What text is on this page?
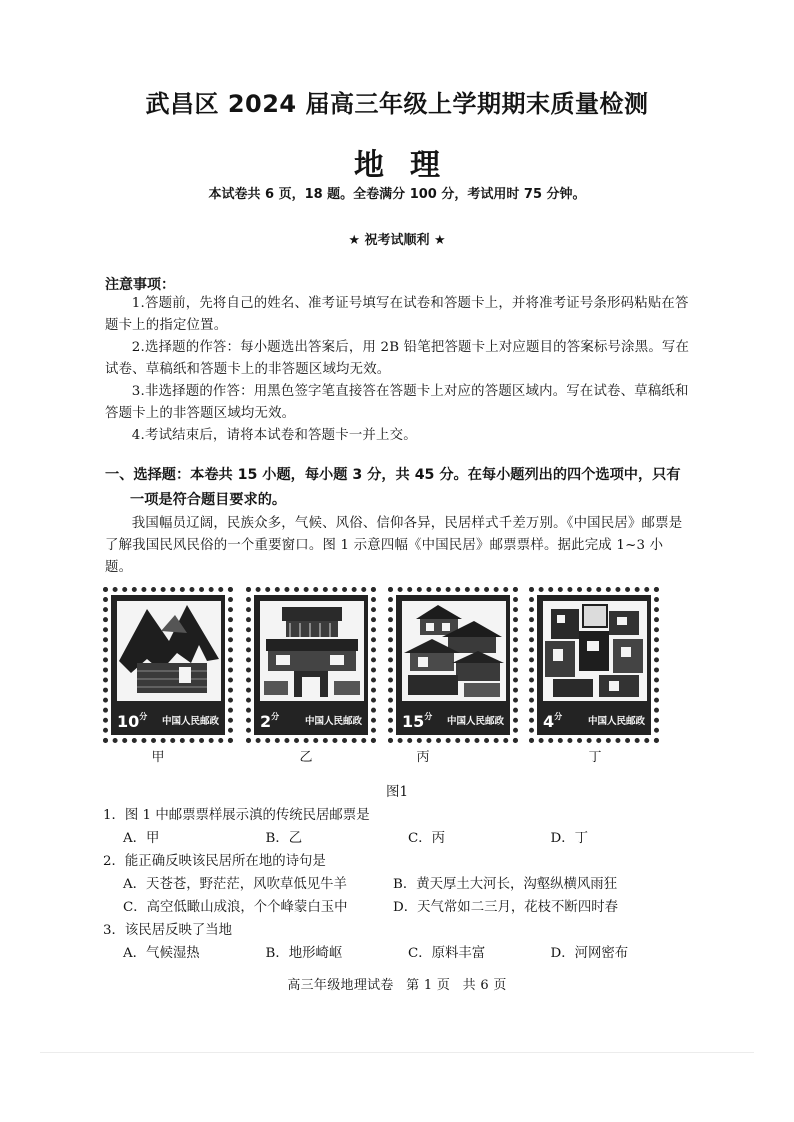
武昌区 2024 届高三年级上学期期末质量检测
地理
本试卷共 6 页，18 题。全卷满分 100 分，考试用时 75 分钟。
★ 祝考试顺利 ★
注意事项：

1.答题前，先将自己的姓名、准考证号填写在试卷和答题卡上，并将准考证号条形码粘贴在答题卡上的指定位置。

2.选择题的作答：每小题选出答案后，用 2B 铅笔把答题卡上对应题目的答案标号涂黑。写在试卷、草稿纸和答题卡上的非答题区域均无效。

3.非选择题的作答：用黑色签字笔直接答在答题卡上对应的答题区域内。写在试卷、草稿纸和答题卡上的非答题区域均无效。

4.考试结束后，请将本试卷和答题卡一并上交。

一、选择题：本卷共 15 小题，每小题 3 分，共 45 分。在每小题列出的四个选项中，只有
一项是符合题目要求的。

我国幅员辽阔，民族众多，气候、风俗、信仰各异，民居样式千差万别。《中国民居》邮票是了解我国民风民俗的一个重要窗口。图 1 示意四幅《中国民居》邮票票样。据此完成 1~3 小题。

$10^分$ 中国人民邮政
甲
$2^分$	中国人民邮政
乙
$15^分$ 中国人民邮政
丙
$4^分$	中国人民邮政
丁
图1

1．图 1 中邮票票样展示滇的传统民居邮票是

A．甲	B．乙	C．丙	D．丁

2．能正确反映该民居所在地的诗句是

A．天苍苍，野茫茫，风吹草低见牛羊	B．黄天厚土大河长，沟壑纵横风雨狂
C．高空低瞰山成浪，个个峰蒙白玉中	D．天气常如二三月，花枝不断四时春

3．该民居反映了当地

A．气候湿热	B．地形崎岖	C．原料丰富	D．河网密布
高三年级地理试卷 第 1 页 共 6 页
